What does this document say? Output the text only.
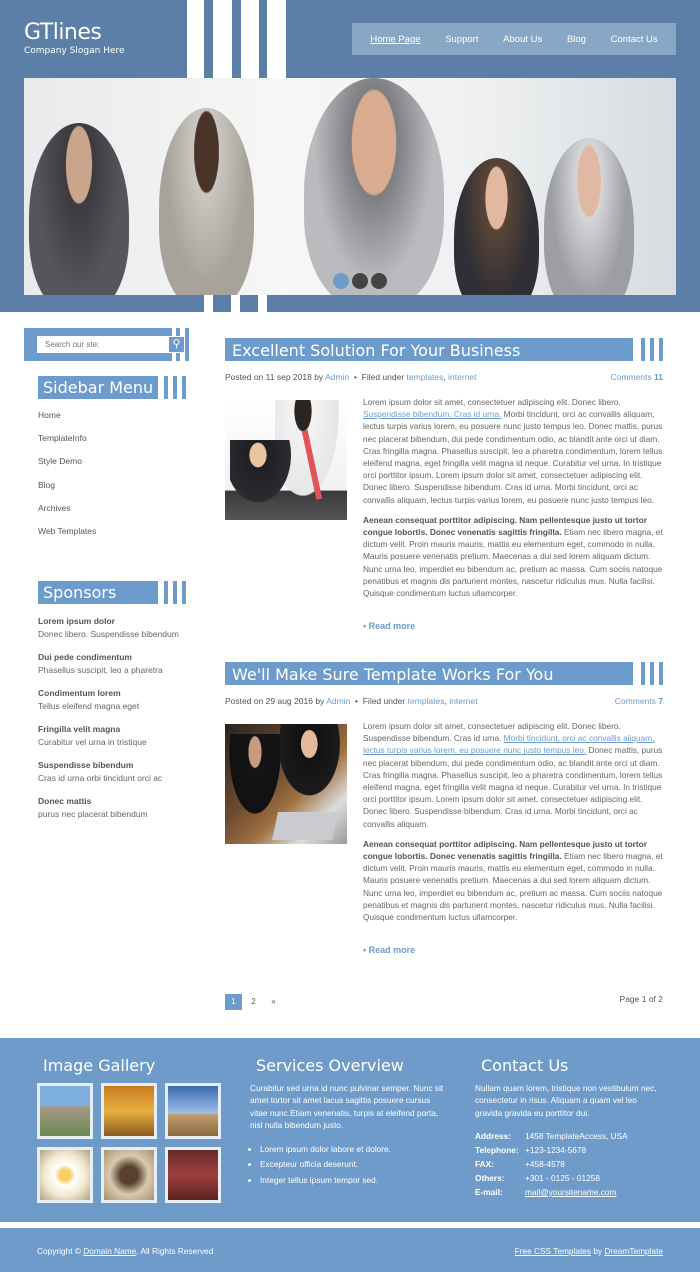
GTlines
Company Slogan Here
Home Page	Support	About Us	Blog	Contact Us
Search our ste:
⚲
Sidebar Menu
Home
TemplateInfo
Style Demo
Blog
Archives
Web Templates
Sponsors
Lorem ipsum dolor
Donec libero. Suspendisse bibendum
Dui pede condimentum
Phasellus suscipit, leo a pharetra
Condimentum lorem
Tellus eleifend magna eget
Fringilla velit magna
Curabitur vel urna in tristique
Suspendisse bibendum
Cras id urna orbi tincidunt orci ac
Donec mattis
purus nec placerat bibendum
Excellent Solution For Your Business
Posted on 11 sep 2018 by Admin  •  Filed under templates, internet	Comments 11

Lorem ipsum dolor sit amet, consectetuer adipiscing elit. Donec libero. Suspendisse bibendum. Cras id urna. Morbi tincidunt, orci ac convallis aliquam, lectus turpis varius lorem, eu posuere nunc justo tempus leo. Donec mattis, purus nec placerat bibendum, dui pede condimentum odio, ac blandit ante orci ut diam. Cras fringilla magna. Phasellus suscipit, leo a pharetra condimentum, lorem tellus eleifend magna, eget fringilla velit magna id neque. Curabitur vel urna. In tristique orci porttitor ipsum. Lorem ipsum dolor sit amet, consectetuer adipiscing elit. Donec libero. Suspendisse bibendum. Cras id urna. Morbi tincidunt, orci ac convallis aliquam, lectus turpis varius lorem, eu posuere nunc justo tempus leo.

Aenean consequat porttitor adipiscing. Nam pellentesque justo ut tortor congue lobortis. Donec venenatis sagittis fringilla. Etiam nec libero magna, et dictum velit. Proin mauris mauris, mattis eu elementum eget, commodo in nulla. Mauris posuere venenatis pretium. Maecenas a dui sed lorem aliquam dictum. Nunc urna leo, imperdiet eu bibendum ac, pretium ac massa. Cum sociis natoque penatibus et magnis dis parturient montes, nascetur ridiculus mus. Nulla facilisi. Quisque condimentum luctus ullamcorper.

• Read more
We'll Make Sure Template Works For You
Posted on 29 aug 2016 by Admin  •  Filed under templates, internet	Comments 7

Lorem ipsum dolor sit amet, consectetuer adipiscing elit. Donec libero. Suspendisse bibendum. Cras id urna. Morbi tincidunt, orci ac convallis aliquam, lectus turpis varius lorem, eu posuere nunc justo tempus leo. Donec mattis, purus nec placerat bibendum, dui pede condimentum odio, ac blandit ante orci ut diam. Cras fringilla magna. Phasellus suscipit, leo a pharetra condimentum, lorem tellus eleifend magna, eget fringilla velit magna id neque. Curabitur vel urna. In tristique orci porttitor ipsum. Lorem ipsum dolor sit amet, consectetuer adipiscing elit. Donec libero. Suspendisse bibendum. Cras id urna. Morbi tincidunt, orci ac convallis aliquam.

Aenean consequat porttitor adipiscing. Nam pellentesque justo ut tortor congue lobortis. Donec venenatis sagittis fringilla. Etiam nec libero magna, et dictum velit. Proin mauris mauris, mattis eu elementum eget, commodo in nulla. Mauris posuere venenatis pretium. Maecenas a dui sed lorem aliquam dictum. Nunc urna leo, imperdiet eu bibendum ac, pretium ac massa. Cum sociis natoque penatibus et magnis dis parturient montes, nascetur ridiculus mus. Nulla facilisi. Quisque condimentum luctus ullamcorper.

• Read more
1	2	»	Page 1 of 2
Image Gallery	Services Overview
Curabitur sed urna id nunc pulvinar semper. Nunc sit amet tortor sit amet lacus sagittis posuere cursus vitae nunc.Etiam venenatis, turpis at eleifend porta, nisl nulla bibendum justo.
• Lorem ipsum dolor labore et dolore.
• Excepteur officia deserunt.
• Integer tellus ipsum tempor sed.
Contact Us
Nullam quam lorem, tristique non vestibulum nec, consectetur in risus. Aliquam a quam vel leo gravida gravida eu porttitor dui.
Address:	1458 TemplateAccess, USA
Telephone:	+123-1234-5678
FAX:	+458-4578
Others:	+301 - 0125 - 01258
E-mail:	mail@yoursitename.com
Copyright © Domain Name. All Rights Reserved	Free CSS Templates by DreamTemplate
